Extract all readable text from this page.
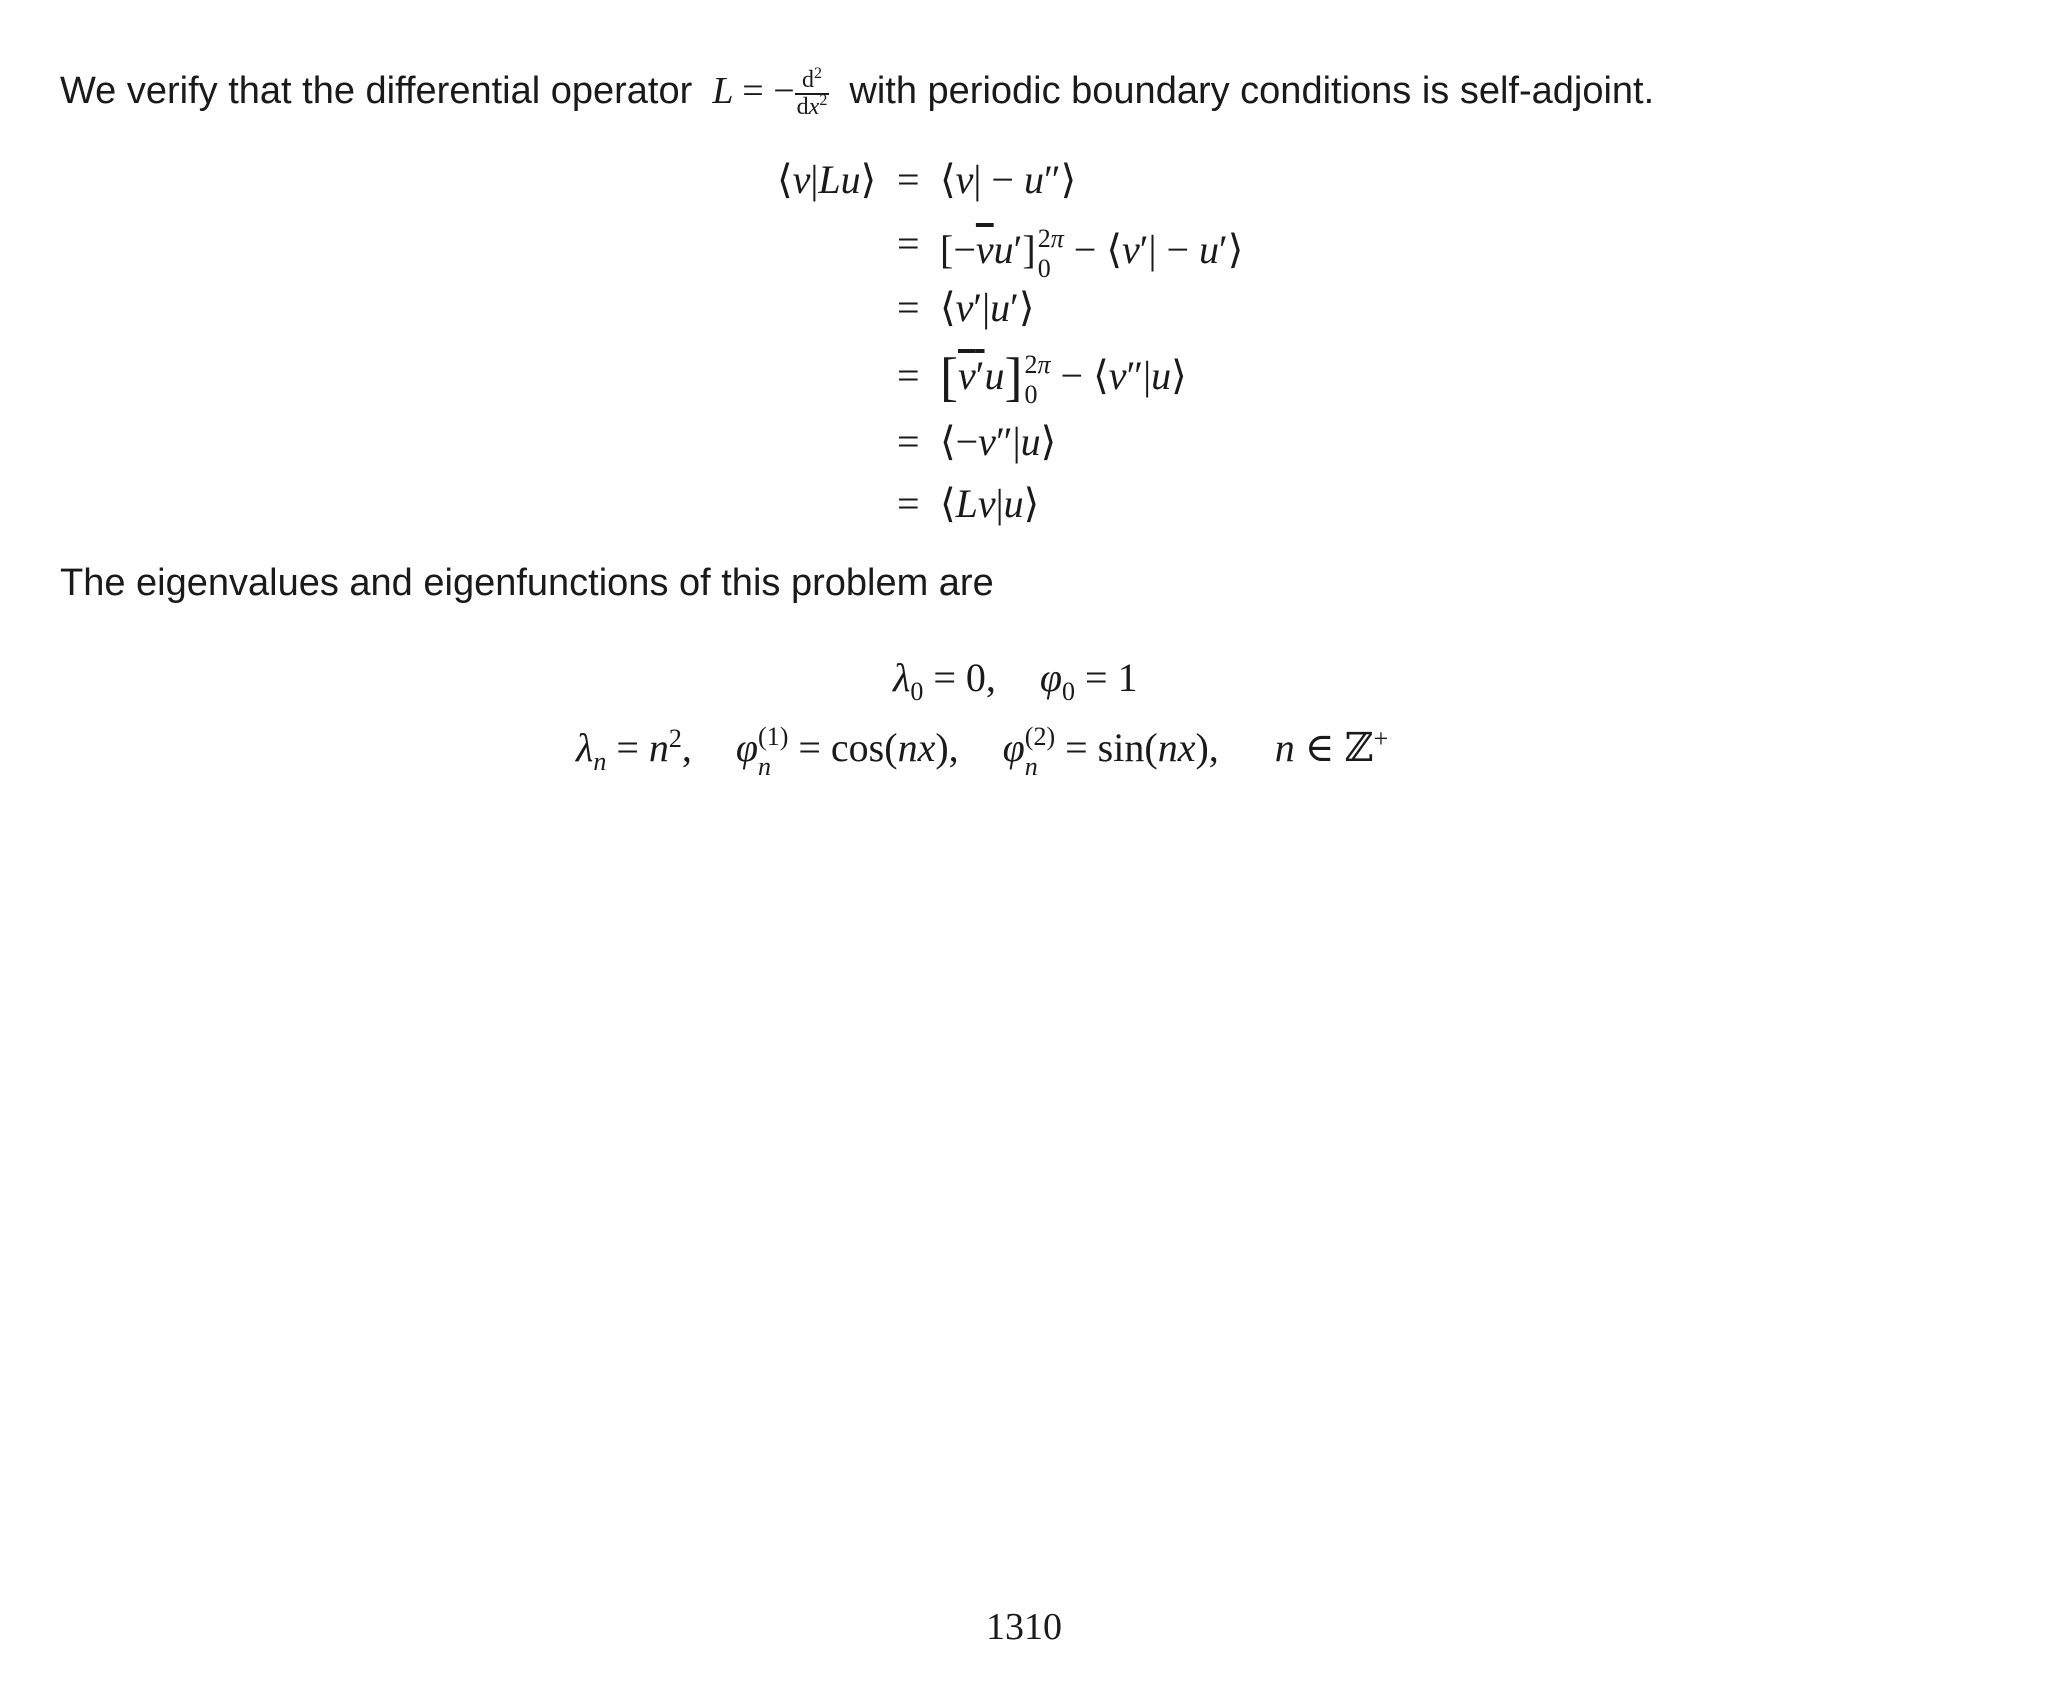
We verify that the differential operator  L = − $\frac{d^2}{dx^2}$ with periodic boundary conditions is self-adjoint.
⟨v|Lu⟩ = ⟨v| − u″⟩
= $[-\overline{v}u']$ 2π
0 − ⟨v′| − u′⟩
= ⟨v′|u′⟩
= [v′u] 2π
0 − ⟨v″|u⟩
= ⟨−v″|u⟩
= ⟨Lv|u⟩
The eigenvalues and eigenfunctions of this problem are
$\lambda_0 = 0$, $\varphi_0 = 1$
$\lambda_n = n^2$, φ (1)
n = cos(nx), φ (2)
n = sin(nx), n ∈ ℤ+
1310
